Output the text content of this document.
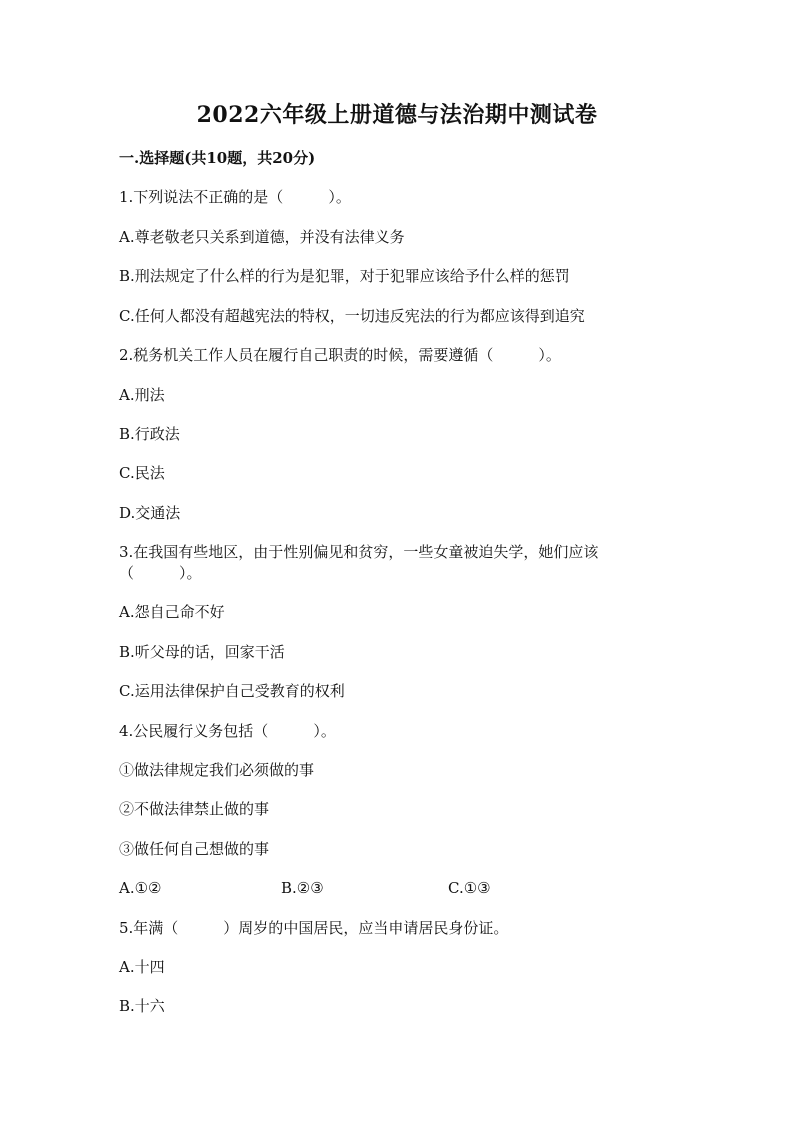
2022六年级上册道德与法治期中测试卷
一.选择题(共10题，共20分)
1.下列说法不正确的是（　　　）。
A.尊老敬老只关系到道德，并没有法律义务
B.刑法规定了什么样的行为是犯罪，对于犯罪应该给予什么样的惩罚
C.任何人都没有超越宪法的特权，一切违反宪法的行为都应该得到追究
2.税务机关工作人员在履行自己职责的时候，需要遵循（　　　）。
A.刑法
B.行政法
C.民法
D.交通法
3.在我国有些地区，由于性别偏见和贫穷，一些女童被迫失学，她们应该
（　　　）。
A.怨自己命不好
B.听父母的话，回家干活
C.运用法律保护自己受教育的权利
4.公民履行义务包括（　　　）。
①做法律规定我们必须做的事
②不做法律禁止做的事
③做任何自己想做的事
A.①②	B.②③	C.①③
5.年满（　　　）周岁的中国居民，应当申请居民身份证。
A.十四
B.十六
